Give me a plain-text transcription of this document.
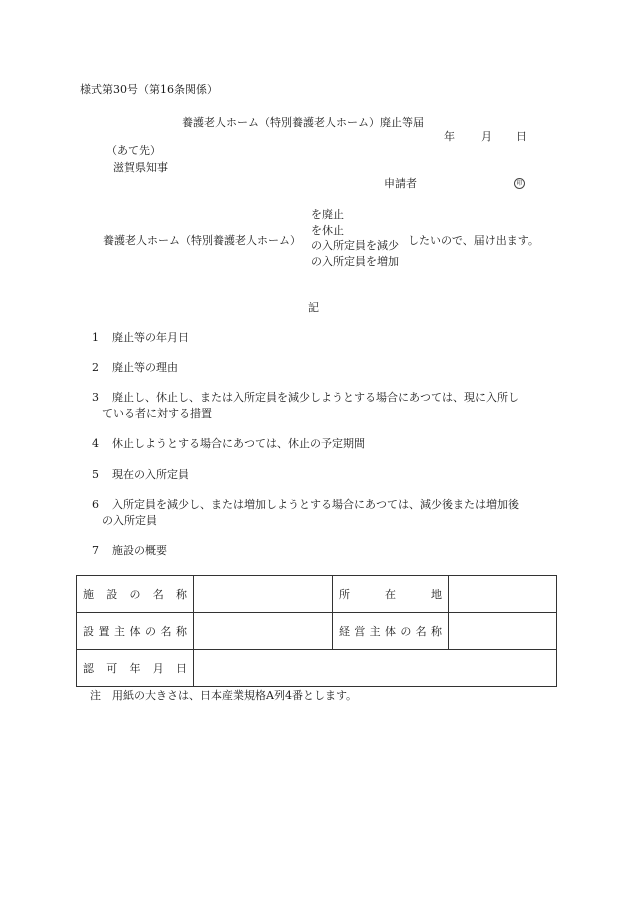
様式第30号（第16条関係）
養護老人ホーム（特別養護老人ホーム）廃止等届
年 月 日
（あて先）
滋賀県知事
申請者	印
養護老人ホーム（特別養護老人ホーム）
を廃止
を休止
の入所定員を減少
の入所定員を増加
したいので、届け出ます。
記
1 廃止等の年月日
2 廃止等の理由
3 廃止し、休止し、または入所定員を減少しようとする場合にあつては、現に入所し
ている者に対する措置
4 休止しようとする場合にあつては、休止の予定期間
5 現在の入所定員
6 入所定員を減少し、または増加しようとする場合にあつては、減少後または増加後
の入所定員
7 施設の概要
施設の名称		所在地	
設置主体の名称		経営主体の名称	
認可年月日			
注　用紙の大きさは、日本産業規格A列4番とします。
